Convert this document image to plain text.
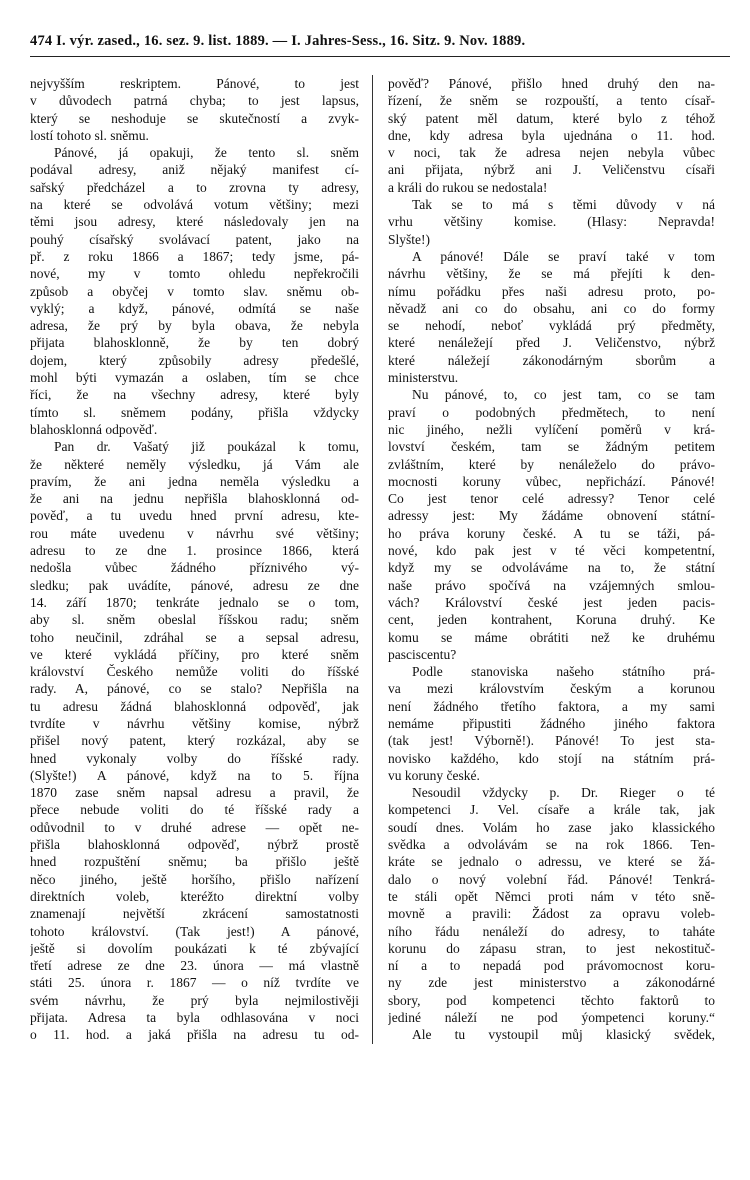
474 I. výr. zased., 16. sez. 9. list. 1889. — I. Jahres-Sess., 16. Sitz. 9. Nov. 1889.
nejvyšším reskriptem. Pánové, to jest
v důvodech patrná chyba; to jest lapsus,
který se neshoduje se skutečností a zvyk-
lostí tohoto sl. sněmu.
Pánové, já opakuji, že tento sl. sněm
podával adresy, aniž nějaký manifest cí-
sařský předcházel a to zrovna ty adresy,
na které se odvolává votum většiny; mezi
těmi jsou adresy, které následovaly jen na
pouhý císařský svolávací patent, jako na
př. z roku 1866 a 1867; tedy jsme, pá-
nové, my v tomto ohledu nepřekročili
způsob a obyčej v tomto slav. sněmu ob-
vyklý; a když, pánové, odmítá se naše
adresa, že prý by byla obava, že nebyla
přijata blahosklonně, že by ten dobrý
dojem, který způsobily adresy předešlé,
mohl býti vymazán a oslaben, tím se chce
říci, že na všechny adresy, které byly
tímto sl. sněmem podány, přišla vždycky
blahosklonná odpověď.
Pan dr. Vašatý již poukázal k tomu,
že některé neměly výsledku, já Vám ale
pravím, že ani jedna neměla výsledku a
že ani na jednu nepřišla blahosklonná od-
pověď, a tu uvedu hned první adresu, kte-
rou máte uvedenu v návrhu své většiny;
adresu to ze dne 1. prosince 1866, která
nedošla vůbec žádného příznivého vý-
sledku; pak uvádíte, pánové, adresu ze dne
14. září 1870; tenkráte jednalo se o tom,
aby sl. sněm obeslal říšskou radu; sněm
toho neučinil, zdráhal se a sepsal adresu,
ve které vykládá příčiny, pro které sněm
království Českého nemůže voliti do říšské
rady. A, pánové, co se stalo? Nepřišla na
tu adresu žádná blahosklonná odpověď, jak
tvrdíte v návrhu většiny komise, nýbrž
přišel nový patent, který rozkázal, aby se
hned vykonaly volby do říšské rady.
(Slyšte!) A pánové, když na to 5. října
1870 zase sněm napsal adresu a pravil, že
přece nebude voliti do té říšské rady a
odůvodnil to v druhé adrese — opět ne-
přišla blahosklonná odpověď, nýbrž prostě
hned rozpuštění sněmu; ba přišlo ještě
něco jiného, ještě horšího, přišlo nařízení
direktních voleb, kteréžto direktní volby
znamenají největší zkrácení samostatnosti
tohoto království. (Tak jest!) A pánové,
ještě si dovolím poukázati k té zbývající
třetí adrese ze dne 23. února — má vlastně
státi 25. února r. 1867 — o níž tvrdíte ve
svém návrhu, že prý byla nejmilostivěji
přijata. Adresa ta byla odhlasována v noci
o 11. hod. a jaká přišla na adresu tu od-
pověď? Pánové, přišlo hned druhý den na-
řízení, že sněm se rozpouští, a tento císař-
ský patent měl datum, které bylo z téhož
dne, kdy adresa byla ujednána o 11. hod.
v noci, tak že adresa nejen nebyla vůbec
ani přijata, nýbrž ani J. Veličenstvu císaři
a králi do rukou se nedostala!
Tak se to má s těmi důvody v ná
vrhu většiny komise. (Hlasy: Nepravda!
Slyšte!)
A pánové! Dále se praví také v tom
návrhu většiny, že se má přejíti k den-
nímu pořádku přes naši adresu proto, po-
něvadž ani co do obsahu, ani co do formy
se nehodí, neboť vykládá prý předměty,
které nenáležejí před J. Veličenstvo, nýbrž
které náležejí zákonodárným sborům a
ministerstvu.
Nu pánové, to, co jest tam, co se tam
praví o podobných předmětech, to není
nic jiného, nežli vylíčení poměrů v krá-
lovství českém, tam se žádným petitem
zvláštním, které by nenáleželo do právo-
mocnosti koruny vůbec, nepřichází. Pánové!
Co jest tenor celé adressy? Tenor celé
adressy jest: My žádáme obnovení státní-
ho práva koruny české. A tu se táži, pá-
nové, kdo pak jest v té věci kompetentní,
když my se odvoláváme na to, že státní
naše právo spočívá na vzájemných smlou-
vách? Království české jest jeden pacis-
cent, jeden kontrahent, Koruna druhý. Ke
komu se máme obrátiti než ke druhému
pasciscentu?
Podle stanoviska našeho státního prá-
va mezi královstvím českým a korunou
není žádného třetího faktora, a my sami
nemáme připustiti žádného jiného faktora
(tak jest! Výborně!). Pánové! To jest sta-
novisko každého, kdo stojí na státním prá-
vu koruny české.
Nesoudil vždycky p. Dr. Rieger o té
kompetenci J. Vel. císaře a krále tak, jak
soudí dnes. Volám ho zase jako klassického
svědka a odvolávám se na rok 1866. Ten-
kráte se jednalo o adressu, ve které se žá-
dalo o nový volební řád. Pánové! Tenkrá-
te stáli opět Němci proti nám v této sně-
movně a pravili: Žádost za opravu voleb-
ního řádu nenáleží do adresy, to taháte
korunu do zápasu stran, to jest nekostituč-
ní a to nepadá pod právomocnost koru-
ny zde jest ministerstvo a zákonodárné
sbory, pod kompetenci těchto faktorů to
jediné náleží ne pod ýompetenci koruny.“
Ale tu vystoupil můj klasický svědek,
